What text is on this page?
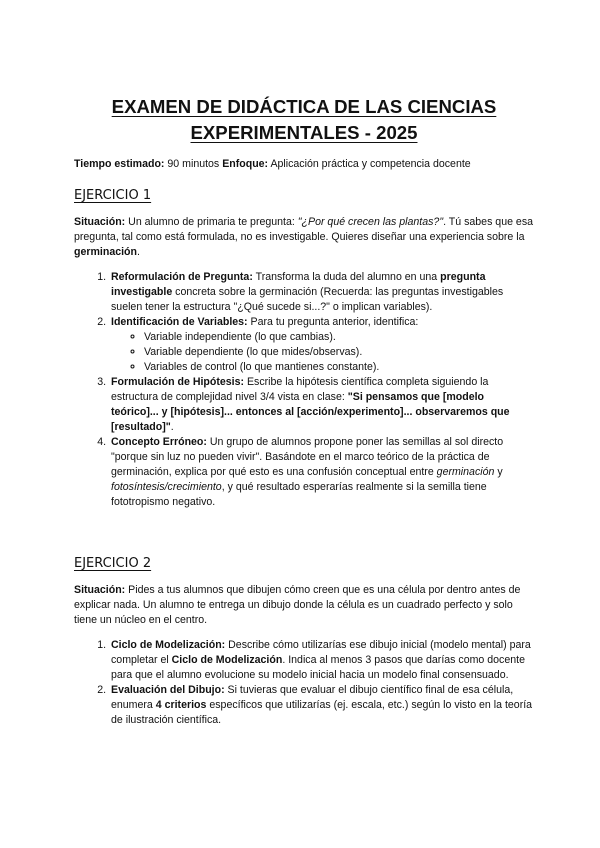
EXAMEN DE DIDÁCTICA DE LAS CIENCIAS EXPERIMENTALES - 2025
Tiempo estimado: 90 minutos Enfoque: Aplicación práctica y competencia docente
EJERCICIO 1

Situación: Un alumno de primaria te pregunta: "¿Por qué crecen las plantas?". Tú sabes que esa pregunta, tal como está formulada, no es investigable. Quieres diseñar una experiencia sobre la germinación.

1. Reformulación de Pregunta: Transforma la duda del alumno en una pregunta investigable concreta sobre la germinación (Recuerda: las preguntas investigables suelen tener la estructura "¿Qué sucede si...?" o implican variables).
2. Identificación de Variables: Para tu pregunta anterior, identifica:
◦ Variable independiente (lo que cambias).
◦ Variable dependiente (lo que mides/observas).
◦ Variables de control (lo que mantienes constante).
3. Formulación de Hipótesis: Escribe la hipótesis científica completa siguiendo la estructura de complejidad nivel 3/4 vista en clase: "Si pensamos que [modelo teórico]... y [hipótesis]... entonces al [acción/experimento]... observaremos que [resultado]".
4. Concepto Erróneo: Un grupo de alumnos propone poner las semillas al sol directo "porque sin luz no pueden vivir". Basándote en el marco teórico de la práctica de germinación, explica por qué esto es una confusión conceptual entre germinación y fotosíntesis/crecimiento, y qué resultado esperarías realmente si la semilla tiene fototropismo negativo.
EJERCICIO 2

Situación: Pides a tus alumnos que dibujen cómo creen que es una célula por dentro antes de explicar nada. Un alumno te entrega un dibujo donde la célula es un cuadrado perfecto y solo tiene un núcleo en el centro.

1. Ciclo de Modelización: Describe cómo utilizarías ese dibujo inicial (modelo mental) para completar el Ciclo de Modelización. Indica al menos 3 pasos que darías como docente para que el alumno evolucione su modelo inicial hacia un modelo final consensuado.
2. Evaluación del Dibujo: Si tuvieras que evaluar el dibujo científico final de esa célula, enumera 4 criterios específicos que utilizarías (ej. escala, etc.) según lo visto en la teoría de ilustración científica.
